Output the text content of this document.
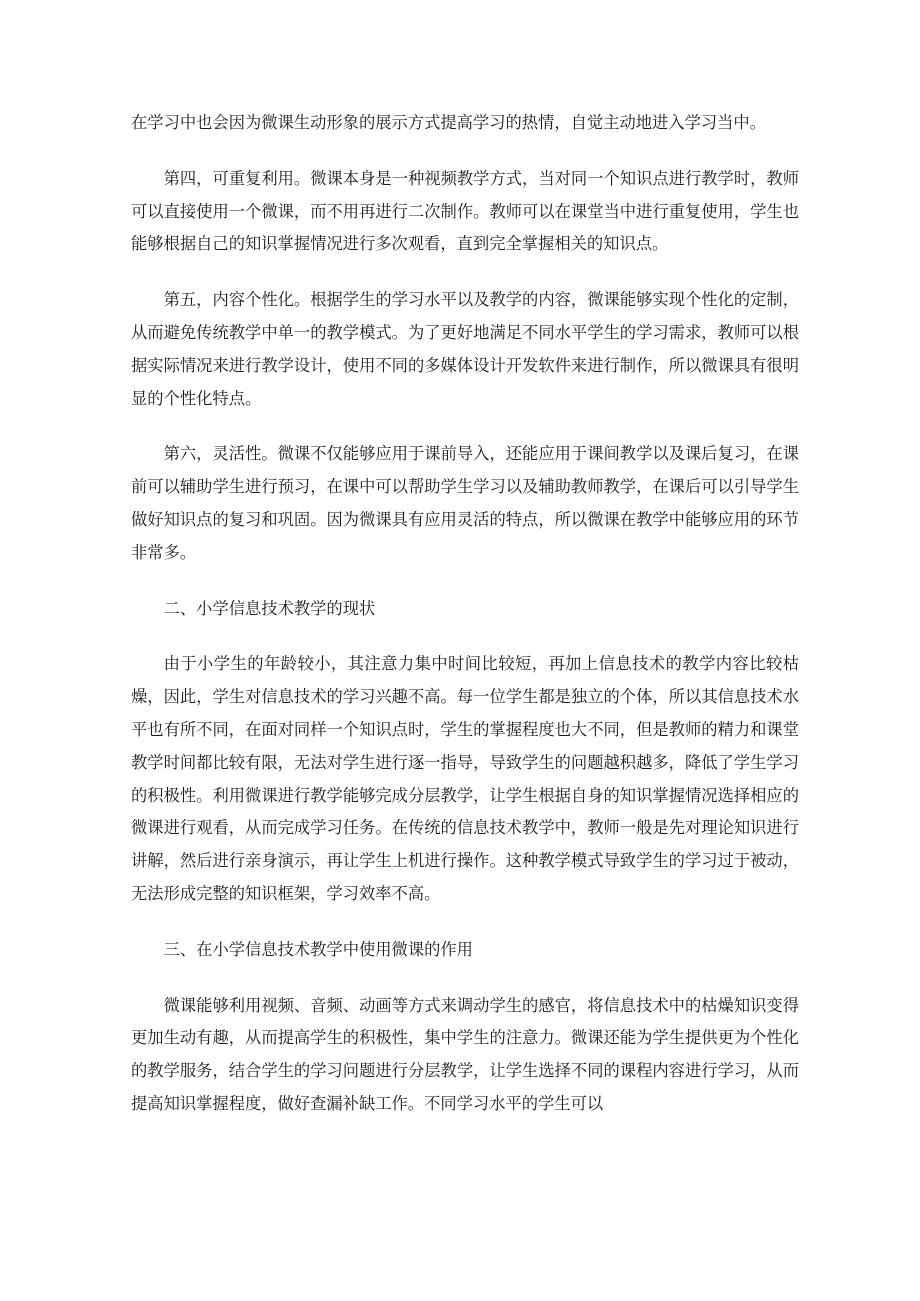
在学习中也会因为微课生动形象的展示方式提高学习的热情，自觉主动地进入学习当中。

第四，可重复利用。微课本身是一种视频教学方式，当对同一个知识点进行教学时，教师可以直接使用一个微课，而不用再进行二次制作。教师可以在课堂当中进行重复使用，学生也能够根据自己的知识掌握情况进行多次观看，直到完全掌握相关的知识点。

第五，内容个性化。根据学生的学习水平以及教学的内容，微课能够实现个性化的定制，从而避免传统教学中单一的教学模式。为了更好地满足不同水平学生的学习需求，教师可以根据实际情况来进行教学设计，使用不同的多媒体设计开发软件来进行制作，所以微课具有很明显的个性化特点。

第六，灵活性。微课不仅能够应用于课前导入，还能应用于课间教学以及课后复习，在课前可以辅助学生进行预习，在课中可以帮助学生学习以及辅助教师教学，在课后可以引导学生做好知识点的复习和巩固。因为微课具有应用灵活的特点，所以微课在教学中能够应用的环节非常多。

二、小学信息技术教学的现状

由于小学生的年龄较小，其注意力集中时间比较短，再加上信息技术的教学内容比较枯燥，因此，学生对信息技术的学习兴趣不高。每一位学生都是独立的个体，所以其信息技术水平也有所不同，在面对同样一个知识点时，学生的掌握程度也大不同，但是教师的精力和课堂教学时间都比较有限，无法对学生进行逐一指导，导致学生的问题越积越多，降低了学生学习的积极性。利用微课进行教学能够完成分层教学，让学生根据自身的知识掌握情况选择相应的微课进行观看，从而完成学习任务。在传统的信息技术教学中，教师一般是先对理论知识进行讲解，然后进行亲身演示，再让学生上机进行操作。这种教学模式导致学生的学习过于被动，无法形成完整的知识框架，学习效率不高。

三、在小学信息技术教学中使用微课的作用

微课能够利用视频、音频、动画等方式来调动学生的感官，将信息技术中的枯燥知识变得更加生动有趣，从而提高学生的积极性，集中学生的注意力。微课还能为学生提供更为个性化的教学服务，结合学生的学习问题进行分层教学，让学生选择不同的课程内容进行学习，从而提高知识掌握程度，做好查漏补缺工作。不同学习水平的学生可以
